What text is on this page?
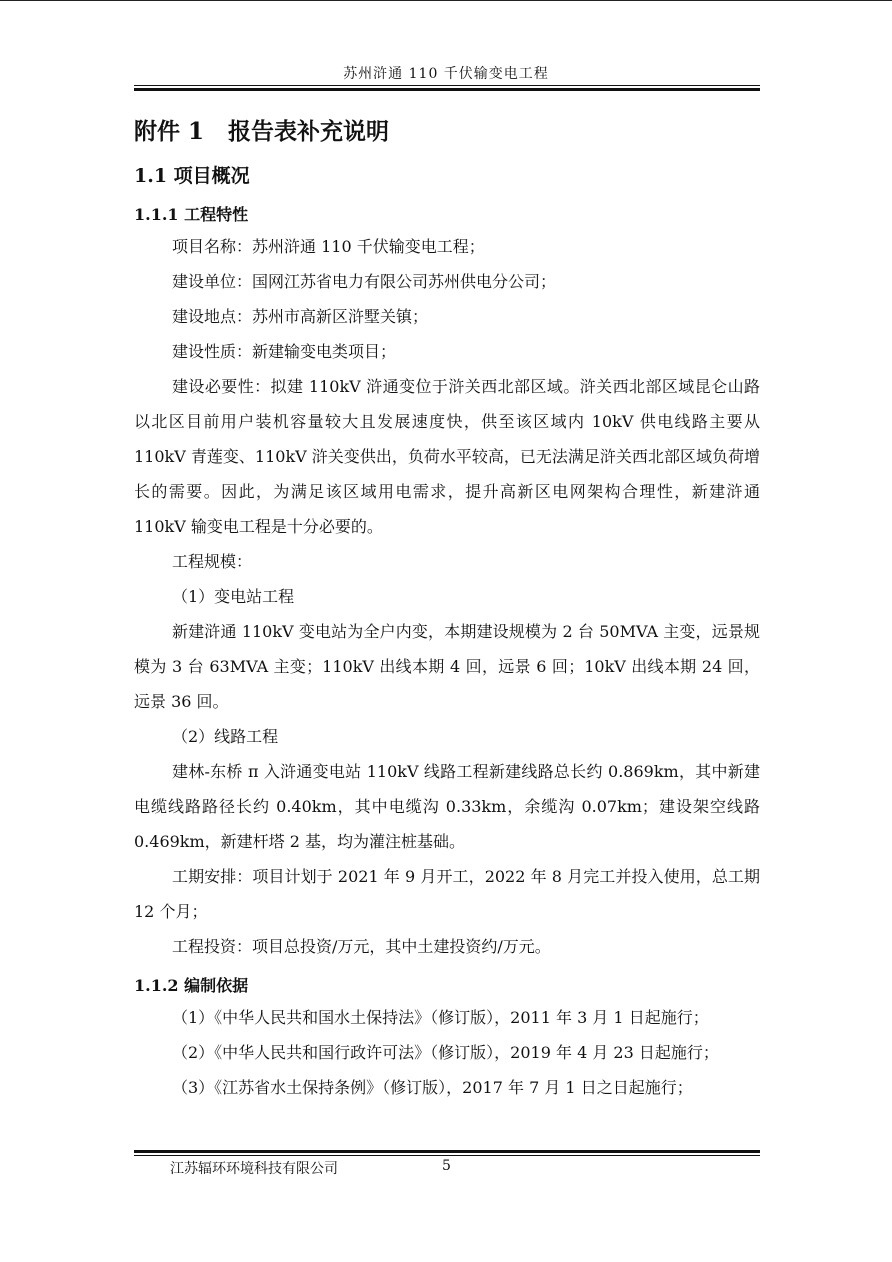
苏州浒通 110 千伏输变电工程
附件 1 报告表补充说明
1.1 项目概况
1.1.1 工程特性

项目名称：苏州浒通 110 千伏输变电工程；

建设单位：国网江苏省电力有限公司苏州供电分公司；

建设地点：苏州市高新区浒墅关镇；

建设性质：新建输变电类项目；

建设必要性：拟建 110kV 浒通变位于浒关西北部区域。浒关西北部区域昆仑山路以北区目前用户装机容量较大且发展速度快，供至该区域内 10kV 供电线路主要从 110kV 青莲变、110kV 浒关变供出，负荷水平较高，已无法满足浒关西北部区域负荷增长的需要。因此，为满足该区域用电需求，提升高新区电网架构合理性，新建浒通 110kV 输变电工程是十分必要的。

工程规模：

（1）变电站工程

新建浒通 110kV 变电站为全户内变，本期建设规模为 2 台 50MVA 主变，远景规模为 3 台 63MVA 主变；110kV 出线本期 4 回，远景 6 回；10kV 出线本期 24 回，远景 36 回。

（2）线路工程

建林-东桥 π 入浒通变电站 110kV 线路工程新建线路总长约 0.869km，其中新建电缆线路路径长约 0.40km，其中电缆沟 0.33km，余缆沟 0.07km；建设架空线路 0.469km，新建杆塔 2 基，均为灌注桩基础。

工期安排：项目计划于 2021 年 9 月开工，2022 年 8 月完工并投入使用，总工期 12 个月；

工程投资：项目总投资/万元，其中土建投资约/万元。

1.1.2 编制依据

（1）《中华人民共和国水土保持法》（修订版），2011 年 3 月 1 日起施行；

（2）《中华人民共和国行政许可法》（修订版），2019 年 4 月 23 日起施行；

（3）《江苏省水土保持条例》（修订版），2017 年 7 月 1 日之日起施行；

江苏辐环环境科技有限公司	5
